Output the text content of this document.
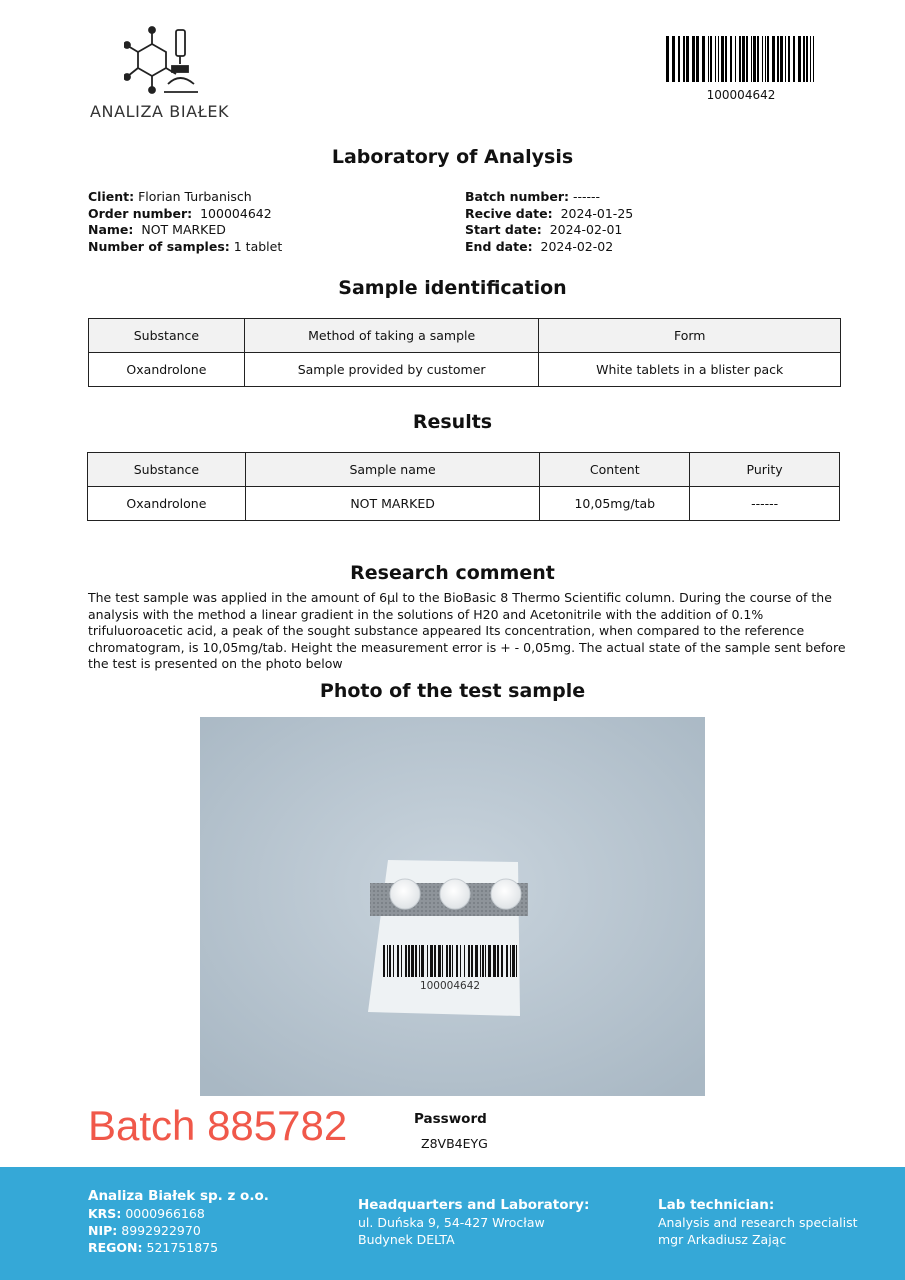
ANALIZA BIAŁEK
100004642
Laboratory of Analysis
Client: Florian Turbanisch
Order number: 100004642
Name: NOT MARKED
Number of samples: 1 tablet
Batch number: ------
Recive date: 2024-01-25
Start date: 2024-02-01
End date: 2024-02-02
Sample identification
Substance	Method of taking a sample	Form
Oxandrolone	Sample provided by customer	White tablets in a blister pack
Results
Substance	Sample name	Content	Purity
Oxandrolone	NOT MARKED	10,05mg/tab	------
Research comment
The test sample was applied in the amount of 6μl to the BioBasic 8 Thermo Scientific column. During the course of the analysis with the method a linear gradient in the solutions of H20 and Acetonitrile with the addition of 0.1% trifuluoroacetic acid, a peak of the sought substance appeared Its concentration, when compared to the reference chromatogram, is 10,05mg/tab. Height the measurement error is + - 0,05mg. The actual state of the sample sent before the test is presented on the photo below
Photo of the test sample
100004642
Batch 885782	Password
Z8VB4EYG
Analiza Białek sp. z o.o.
KRS: 0000966168
NIP: 8992922970
REGON: 521751875
Headquarters and Laboratory:
ul. Duńska 9, 54-427 Wrocław
Budynek DELTA
Lab technician:
Analysis and research specialist
mgr Arkadiusz Zając
